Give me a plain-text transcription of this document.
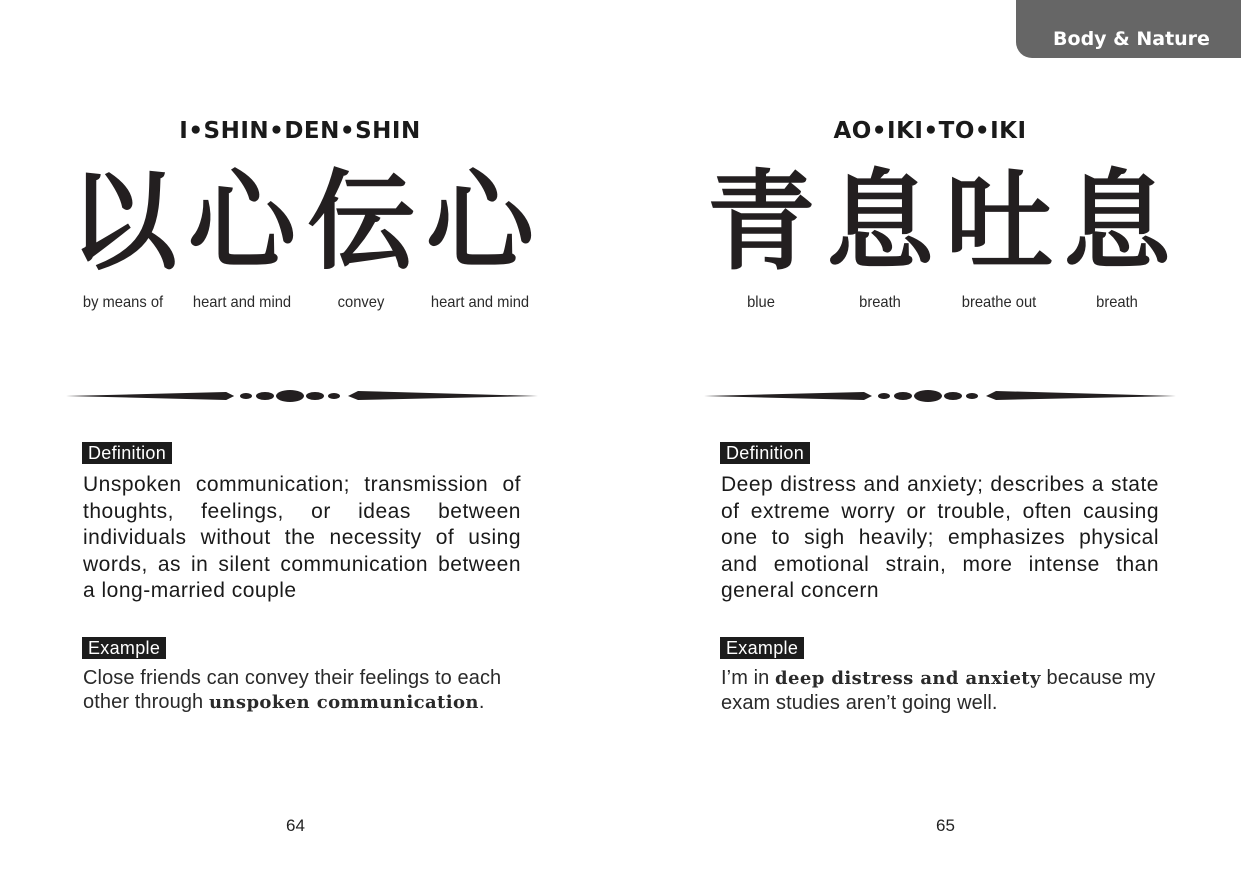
Body & Nature
I•SHIN•DEN•SHIN
以 心 伝 心
by means of	heart and mind	convey	heart and mind
Definition

Unspoken communication; transmission of thoughts, feelings, or ideas between individuals without the necessity of using words, as in silent communication between a long-married couple

Example

Close friends can convey their feelings to each other through unspoken communication.

64
AO•IKI•TO•IKI
青 息 吐 息
blue	breath	breathe out	breath
Definition

Deep distress and anxiety; describes a state of extreme worry or trouble, often causing one to sigh heavily; emphasizes physical and emotional strain, more intense than general concern

Example

I’m in deep distress and anxiety because my exam studies aren’t going well.

65
